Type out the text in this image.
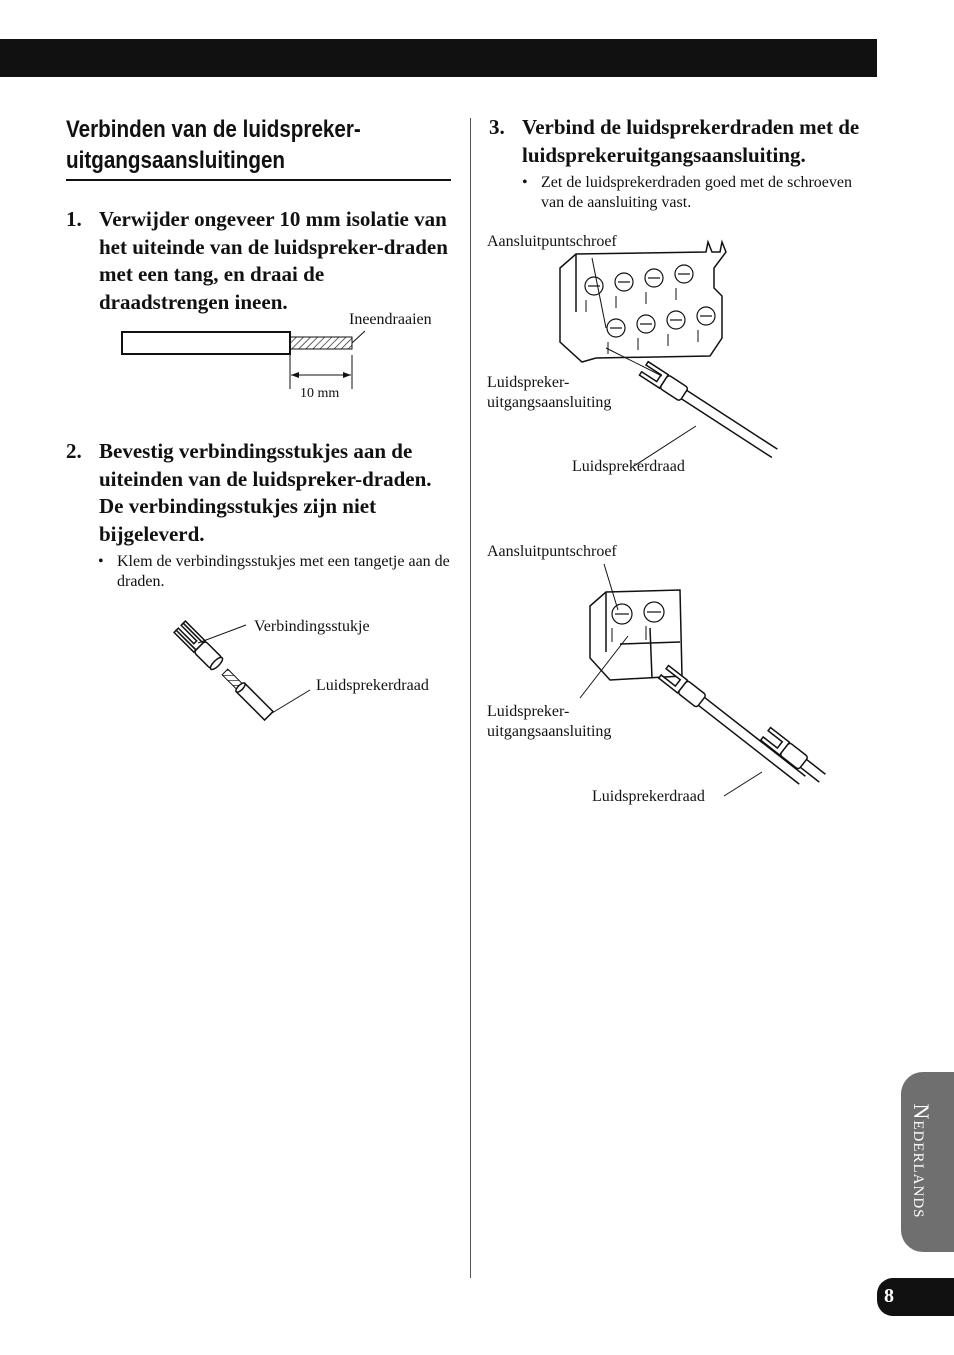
Verbinden van de luidspreker-
uitgangsaansluitingen
1. Verwijder ongeveer 10 mm isolatie van het uiteinde van de luidspreker-draden met een tang, en draai de draadstrengen ineen.
Ineendraaien
10 mm
2. Bevestig verbindingsstukjes aan de uiteinden van de luidspreker-draden. De verbindingsstukjes zijn niet bijgeleverd.
• Klem de verbindingsstukjes met een tangetje aan de draden.
Verbindingsstukje
Luidsprekerdraad
3. Verbind de luidsprekerdraden met de luidsprekeruitgangsaansluiting.
• Zet de luidsprekerdraden goed met de schroeven van de aansluiting vast.
Aansluitpuntschroef
Luidspreker-
uitgangsaansluiting
Luidsprekerdraad
Aansluitpuntschroef
Luidspreker-
uitgangsaansluiting
Luidsprekerdraad
Nederlands
8
